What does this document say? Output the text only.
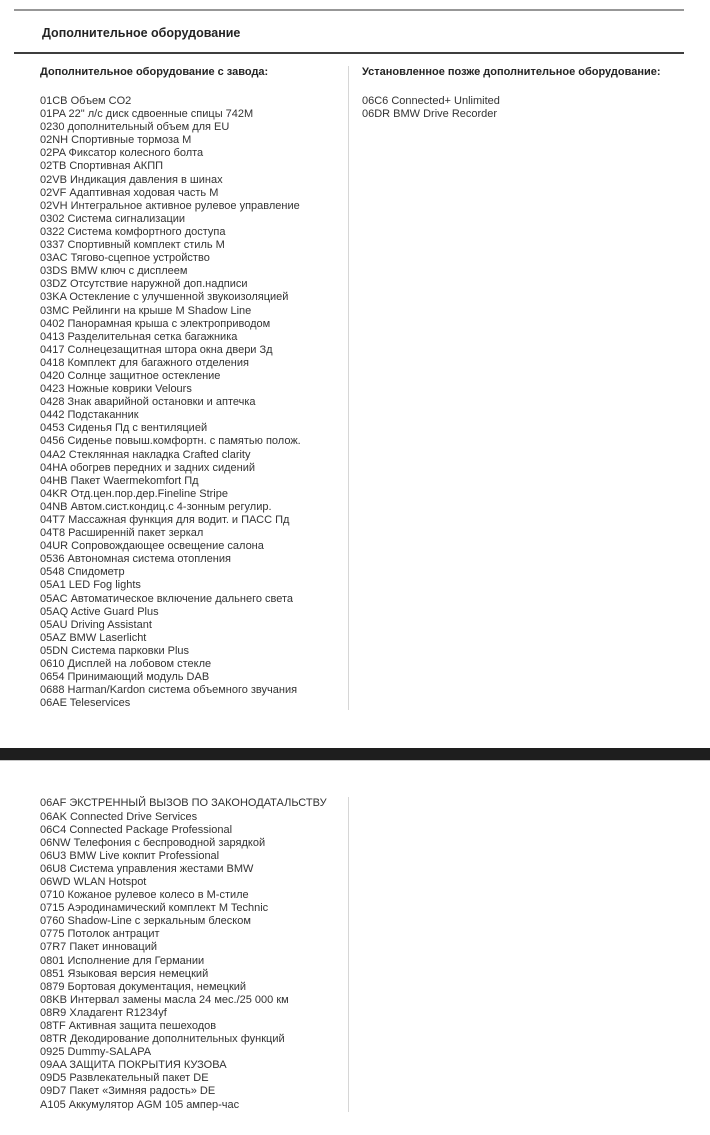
Дополнительное оборудование
Дополнительное оборудование с завода:
01CB Объем CO2
01PA 22" л/с диск сдвоенные спицы 742M
0230 дополнительный объем для EU
02NH Спортивные тормоза M
02PA Фиксатор колесного болта
02TB Спортивная АКПП
02VB Индикация давления в шинах
02VF Адаптивная ходовая часть M
02VH Интегральное активное рулевое управление
0302 Система сигнализации
0322 Система комфортного доступа
0337 Спортивный комплект стиль M
03AC Тягово-сцепное устройство
03DS BMW ключ с дисплеем
03DZ Отсутствие наружной доп.надписи
03KA Остекление с улучшенной звукоизоляцией
03MC Рейлинги на крыше M Shadow Line
0402 Панорамная крыша с электроприводом
0413 Разделительная сетка багажника
0417 Солнецезащитная штора окна двери Зд
0418 Комплект для багажного отделения
0420 Солнце защитное остекление
0423 Ножные коврики Velours
0428 Знак аварийной остановки и аптечка
0442 Подстаканник
0453 Сиденья Пд с вентиляцией
0456 Сиденье повыш.комфортн. с памятью полож.
04A2 Стеклянная накладка Crafted clarity
04HA обогрев передних и задних сидений
04HB Пакет Waermekomfort Пд
04KR Отд.цен.пор.дер.Fineline Stripe
04NB Автом.сист.кондиц.с 4-зонным регулир.
04T7 Массажная функция для водит. и ПАСС Пд
04T8 Расширенній пакет зеркал
04UR Сопровождающее освещение салона
0536 Автономная система отопления
0548 Спидометр
05A1 LED Fog lights
05AC Автоматическое включение дальнего света
05AQ Active Guard Plus
05AU Driving Assistant
05AZ BMW Laserlicht
05DN Система парковки Plus
0610 Дисплей на лобовом стекле
0654 Принимающий модуль DAB
0688 Harman/Kardon система объемного звучания
06AE Teleservices
Установленное позже дополнительное оборудование:
06C6 Connected+ Unlimited
06DR BMW Drive Recorder
06AF ЭКСТРЕННЫЙ ВЫЗОВ ПО ЗАКОНОДАТАЛЬСТВУ
06AK Connected Drive Services
06C4 Connected Package Professional
06NW Телефония с беспроводной зарядкой
06U3 BMW Live кокпит Professional
06U8 Система управления жестами BMW
06WD WLAN Hotspot
0710 Кожаное рулевое колесо в М-стиле
0715 Аэродинамический комплект M Technic
0760 Shadow-Line с зеркальным блеском
0775 Потолок антрацит
07R7 Пакет инноваций
0801 Исполнение для Германии
0851 Языковая версия немецкий
0879 Бортовая документация, немецкий
08KB Интервал замены масла 24 мес./25 000 км
08R9 Хладагент R1234yf
08TF Активная защита пешеходов
08TR Декодирование дополнительных функций
0925 Dummy-SALAPA
09AA ЗАЩИТА ПОКРЫТИЯ КУЗОВА
09D5 Развлекательный пакет DE
09D7 Пакет «Зимняя радость» DE
A105 Аккумулятор AGM 105 ампер-час
